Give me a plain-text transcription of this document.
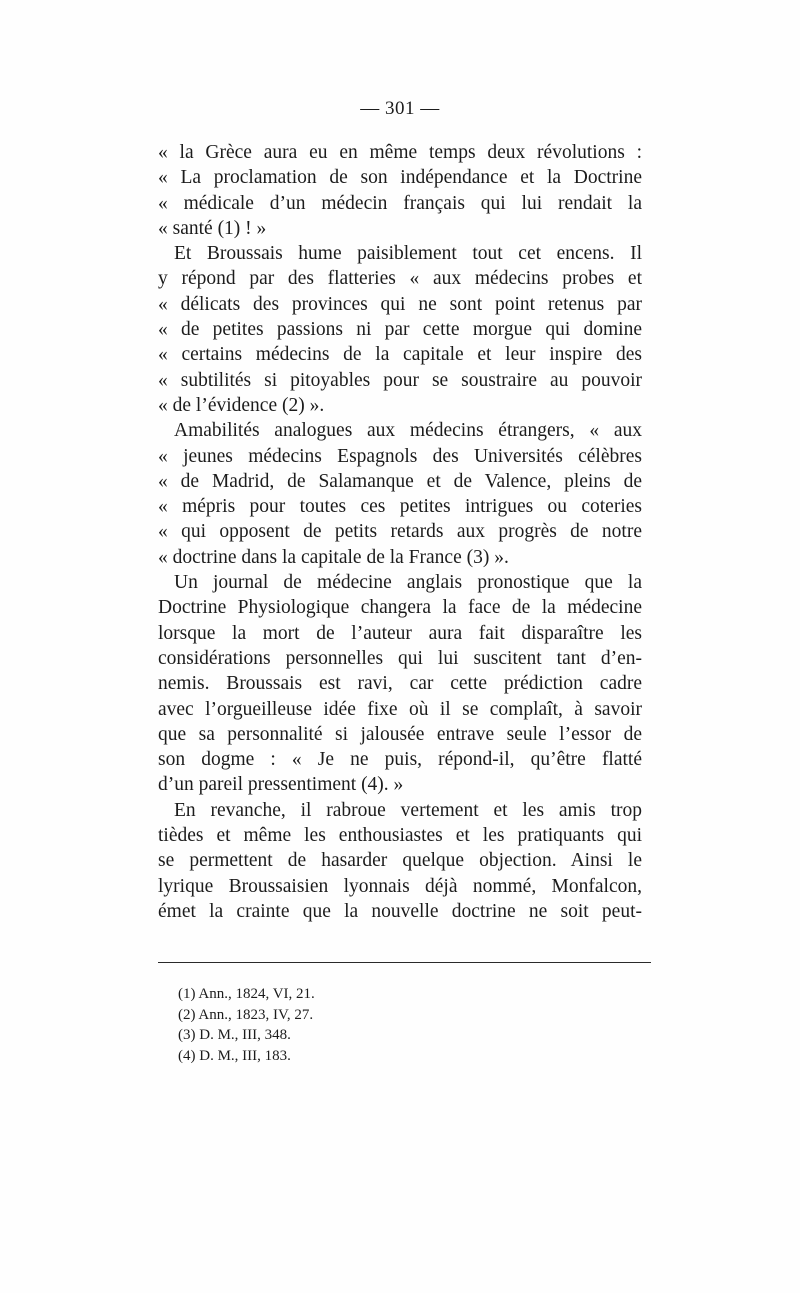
— 301 —
« la Grèce aura eu en même temps deux révolutions :
« La proclamation de son indépendance et la Doctrine
« médicale d’un médecin français qui lui rendait la
« santé (1) ! »
Et Broussais hume paisiblement tout cet encens. Il
y répond par des flatteries « aux médecins probes et
« délicats des provinces qui ne sont point retenus par
« de petites passions ni par cette morgue qui domine
« certains médecins de la capitale et leur inspire des
« subtilités si pitoyables pour se soustraire au pouvoir
« de l’évidence (2) ».
Amabilités analogues aux médecins étrangers, « aux
« jeunes médecins Espagnols des Universités célèbres
« de Madrid, de Salamanque et de Valence, pleins de
« mépris pour toutes ces petites intrigues ou coteries
« qui opposent de petits retards aux progrès de notre
« doctrine dans la capitale de la France (3) ».
Un journal de médecine anglais pronostique que la
Doctrine Physiologique changera la face de la médecine
lorsque la mort de l’auteur aura fait disparaître les
considérations personnelles qui lui suscitent tant d’en-
nemis. Broussais est ravi, car cette prédiction cadre
avec l’orgueilleuse idée fixe où il se complaît, à savoir
que sa personnalité si jalousée entrave seule l’essor de
son dogme : « Je ne puis, répond-il, qu’être flatté
d’un pareil pressentiment (4). »
En revanche, il rabroue vertement et les amis trop
tièdes et même les enthousiastes et les pratiquants qui
se permettent de hasarder quelque objection. Ainsi le
lyrique Broussaisien lyonnais déjà nommé, Monfalcon,
émet la crainte que la nouvelle doctrine ne soit peut-
(1) Ann., 1824, VI, 21.
(2) Ann., 1823, IV, 27.
(3) D. M., III, 348.
(4) D. M., III, 183.
